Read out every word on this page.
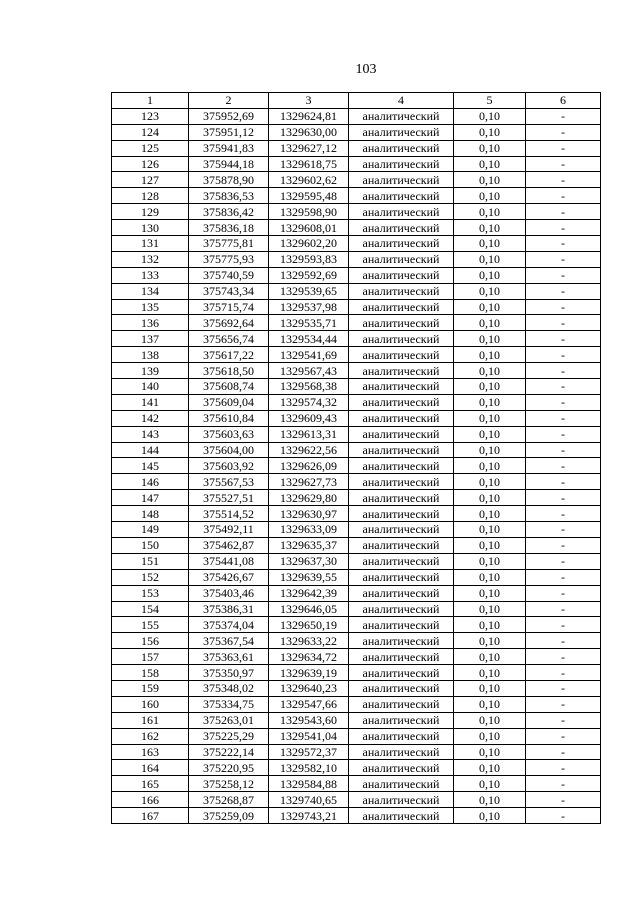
103
1	2	3	4	5	6
123	375952,69	1329624,81	аналитический	0,10	-
124	375951,12	1329630,00	аналитический	0,10	-
125	375941,83	1329627,12	аналитический	0,10	-
126	375944,18	1329618,75	аналитический	0,10	-
127	375878,90	1329602,62	аналитический	0,10	-
128	375836,53	1329595,48	аналитический	0,10	-
129	375836,42	1329598,90	аналитический	0,10	-
130	375836,18	1329608,01	аналитический	0,10	-
131	375775,81	1329602,20	аналитический	0,10	-
132	375775,93	1329593,83	аналитический	0,10	-
133	375740,59	1329592,69	аналитический	0,10	-
134	375743,34	1329539,65	аналитический	0,10	-
135	375715,74	1329537,98	аналитический	0,10	-
136	375692,64	1329535,71	аналитический	0,10	-
137	375656,74	1329534,44	аналитический	0,10	-
138	375617,22	1329541,69	аналитический	0,10	-
139	375618,50	1329567,43	аналитический	0,10	-
140	375608,74	1329568,38	аналитический	0,10	-
141	375609,04	1329574,32	аналитический	0,10	-
142	375610,84	1329609,43	аналитический	0,10	-
143	375603,63	1329613,31	аналитический	0,10	-
144	375604,00	1329622,56	аналитический	0,10	-
145	375603,92	1329626,09	аналитический	0,10	-
146	375567,53	1329627,73	аналитический	0,10	-
147	375527,51	1329629,80	аналитический	0,10	-
148	375514,52	1329630,97	аналитический	0,10	-
149	375492,11	1329633,09	аналитический	0,10	-
150	375462,87	1329635,37	аналитический	0,10	-
151	375441,08	1329637,30	аналитический	0,10	-
152	375426,67	1329639,55	аналитический	0,10	-
153	375403,46	1329642,39	аналитический	0,10	-
154	375386,31	1329646,05	аналитический	0,10	-
155	375374,04	1329650,19	аналитический	0,10	-
156	375367,54	1329633,22	аналитический	0,10	-
157	375363,61	1329634,72	аналитический	0,10	-
158	375350,97	1329639,19	аналитический	0,10	-
159	375348,02	1329640,23	аналитический	0,10	-
160	375334,75	1329547,66	аналитический	0,10	-
161	375263,01	1329543,60	аналитический	0,10	-
162	375225,29	1329541,04	аналитический	0,10	-
163	375222,14	1329572,37	аналитический	0,10	-
164	375220,95	1329582,10	аналитический	0,10	-
165	375258,12	1329584,88	аналитический	0,10	-
166	375268,87	1329740,65	аналитический	0,10	-
167	375259,09	1329743,21	аналитический	0,10	-
